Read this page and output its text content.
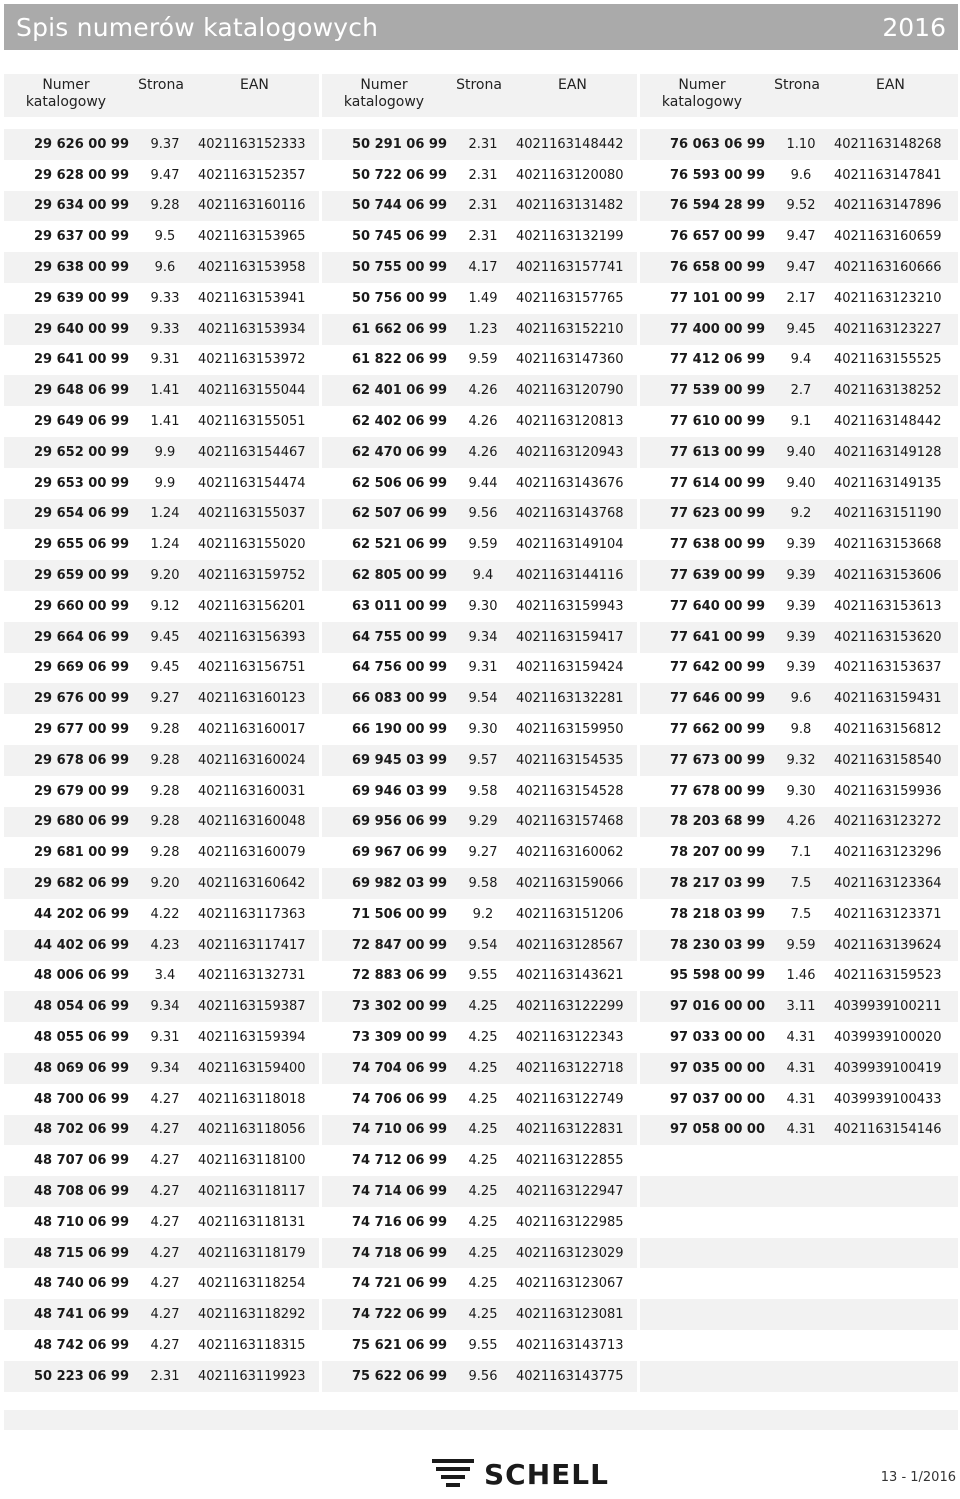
Spis numerów katalogowych	2016
Numer katalogowy
Strona	EAN
29 626 00 99	9.37	4021163152333
29 628 00 99	9.47	4021163152357
29 634 00 99	9.28	4021163160116
29 637 00 99	9.5	4021163153965
29 638 00 99	9.6	4021163153958
29 639 00 99	9.33	4021163153941
29 640 00 99	9.33	4021163153934
29 641 00 99	9.31	4021163153972
29 648 06 99	1.41	4021163155044
29 649 06 99	1.41	4021163155051
29 652 00 99	9.9	4021163154467
29 653 00 99	9.9	4021163154474
29 654 06 99	1.24	4021163155037
29 655 06 99	1.24	4021163155020
29 659 00 99	9.20	4021163159752
29 660 00 99	9.12	4021163156201
29 664 06 99	9.45	4021163156393
29 669 06 99	9.45	4021163156751
29 676 00 99	9.27	4021163160123
29 677 00 99	9.28	4021163160017
29 678 06 99	9.28	4021163160024
29 679 00 99	9.28	4021163160031
29 680 06 99	9.28	4021163160048
29 681 00 99	9.28	4021163160079
29 682 06 99	9.20	4021163160642
44 202 06 99	4.22	4021163117363
44 402 06 99	4.23	4021163117417
48 006 06 99	3.4	4021163132731
48 054 06 99	9.34	4021163159387
48 055 06 99	9.31	4021163159394
48 069 06 99	9.34	4021163159400
48 700 06 99	4.27	4021163118018
48 702 06 99	4.27	4021163118056
48 707 06 99	4.27	4021163118100
48 708 06 99	4.27	4021163118117
48 710 06 99	4.27	4021163118131
48 715 06 99	4.27	4021163118179
48 740 06 99	4.27	4021163118254
48 741 06 99	4.27	4021163118292
48 742 06 99	4.27	4021163118315
50 223 06 99	2.31	4021163119923
Numer katalogowy
Strona	EAN
50 291 06 99	2.31	4021163148442
50 722 06 99	2.31	4021163120080
50 744 06 99	2.31	4021163131482
50 745 06 99	2.31	4021163132199
50 755 00 99	4.17	4021163157741
50 756 00 99	1.49	4021163157765
61 662 06 99	1.23	4021163152210
61 822 06 99	9.59	4021163147360
62 401 06 99	4.26	4021163120790
62 402 06 99	4.26	4021163120813
62 470 06 99	4.26	4021163120943
62 506 06 99	9.44	4021163143676
62 507 06 99	9.56	4021163143768
62 521 06 99	9.59	4021163149104
62 805 00 99	9.4	4021163144116
63 011 00 99	9.30	4021163159943
64 755 00 99	9.34	4021163159417
64 756 00 99	9.31	4021163159424
66 083 00 99	9.54	4021163132281
66 190 00 99	9.30	4021163159950
69 945 03 99	9.57	4021163154535
69 946 03 99	9.58	4021163154528
69 956 06 99	9.29	4021163157468
69 967 06 99	9.27	4021163160062
69 982 03 99	9.58	4021163159066
71 506 00 99	9.2	4021163151206
72 847 00 99	9.54	4021163128567
72 883 06 99	9.55	4021163143621
73 302 00 99	4.25	4021163122299
73 309 00 99	4.25	4021163122343
74 704 06 99	4.25	4021163122718
74 706 06 99	4.25	4021163122749
74 710 06 99	4.25	4021163122831
74 712 06 99	4.25	4021163122855
74 714 06 99	4.25	4021163122947
74 716 06 99	4.25	4021163122985
74 718 06 99	4.25	4021163123029
74 721 06 99	4.25	4021163123067
74 722 06 99	4.25	4021163123081
75 621 06 99	9.55	4021163143713
75 622 06 99	9.56	4021163143775
Numer katalogowy
Strona	EAN
76 063 06 99	1.10	4021163148268
76 593 00 99	9.6	4021163147841
76 594 28 99	9.52	4021163147896
76 657 00 99	9.47	4021163160659
76 658 00 99	9.47	4021163160666
77 101 00 99	2.17	4021163123210
77 400 00 99	9.45	4021163123227
77 412 06 99	9.4	4021163155525
77 539 00 99	2.7	4021163138252
77 610 00 99	9.1	4021163148442
77 613 00 99	9.40	4021163149128
77 614 00 99	9.40	4021163149135
77 623 00 99	9.2	4021163151190
77 638 00 99	9.39	4021163153668
77 639 00 99	9.39	4021163153606
77 640 00 99	9.39	4021163153613
77 641 00 99	9.39	4021163153620
77 642 00 99	9.39	4021163153637
77 646 00 99	9.6	4021163159431
77 662 00 99	9.8	4021163156812
77 673 00 99	9.32	4021163158540
77 678 00 99	9.30	4021163159936
78 203 68 99	4.26	4021163123272
78 207 00 99	7.1	4021163123296
78 217 03 99	7.5	4021163123364
78 218 03 99	7.5	4021163123371
78 230 03 99	9.59	4021163139624
95 598 00 99	1.46	4021163159523
97 016 00 00	3.11	4039939100211
97 033 00 00	4.31	4039939100020
97 035 00 00	4.31	4039939100419
97 037 00 00	4.31	4039939100433
97 058 00 00	4.31	4021163154146
SCHELL	13 - 1/2016
